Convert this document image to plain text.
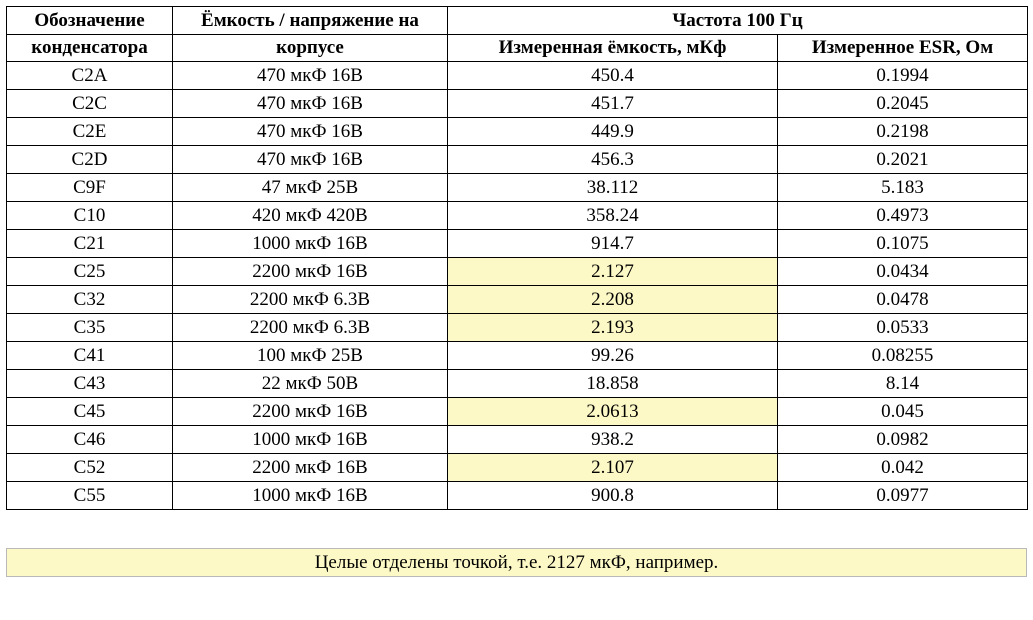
Обозначение	Ёмкость / напряжение на	Частота 100 Гц	
конденсатора	корпусе	Измеренная ёмкость, мКф	Измеренное ESR, Ом
C2A	470 мкФ 16В	450.4	0.1994
C2C	470 мкФ 16В	451.7	0.2045
C2E	470 мкФ 16В	449.9	0.2198
C2D	470 мкФ 16В	456.3	0.2021
C9F	47 мкФ 25В	38.112	5.183
C10	420 мкФ 420В	358.24	0.4973
C21	1000 мкФ 16В	914.7	0.1075
C25	2200 мкФ 16В	2.127	0.0434
C32	2200 мкФ 6.3В	2.208	0.0478
C35	2200 мкФ 6.3В	2.193	0.0533
C41	100 мкФ 25В	99.26	0.08255
C43	22 мкФ 50В	18.858	8.14
C45	2200 мкФ 16В	2.0613	0.045
C46	1000 мкФ 16В	938.2	0.0982
C52	2200 мкФ 16В	2.107	0.042
C55	1000 мкФ 16В	900.8	0.0977
Целые отделены точкой, т.е. 2127 мкФ, например.
